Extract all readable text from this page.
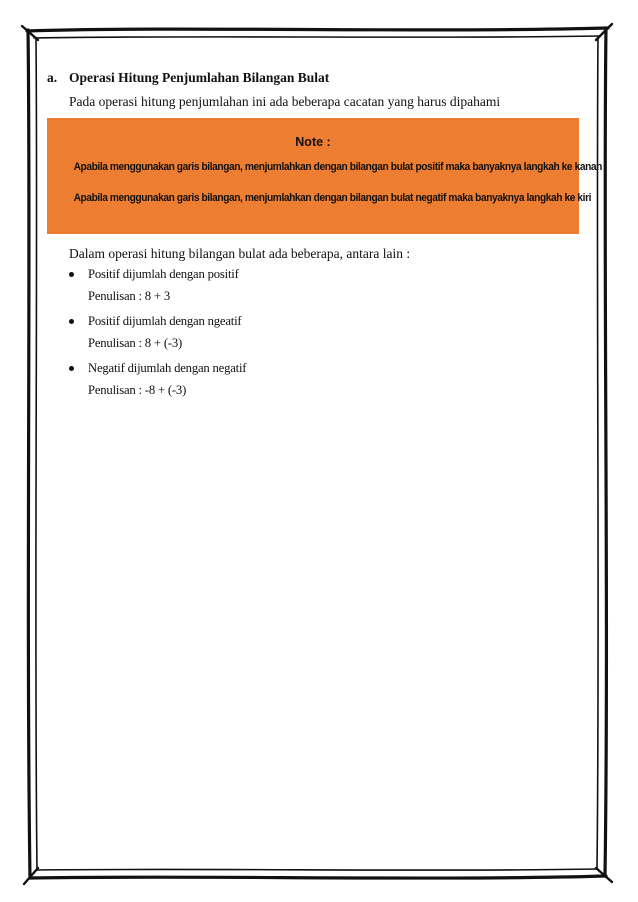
a. Operasi Hitung Penjumlahan Bilangan Bulat
Pada operasi hitung penjumlahan ini ada beberapa cacatan yang harus dipahami
Note :
Apabila menggunakan garis bilangan, menjumlahkan dengan bilangan bulat positif maka banyaknya langkah ke kanan
Apabila menggunakan garis bilangan, menjumlahkan dengan bilangan bulat negatif maka banyaknya langkah ke kiri
Dalam operasi hitung bilangan bulat ada beberapa, antara lain :
Positif dijumlah dengan positif
Penulisan : 8 + 3
Positif dijumlah dengan ngeatif
Penulisan : 8 + (-3)
Negatif dijumlah dengan negatif
Penulisan : -8 + (-3)
